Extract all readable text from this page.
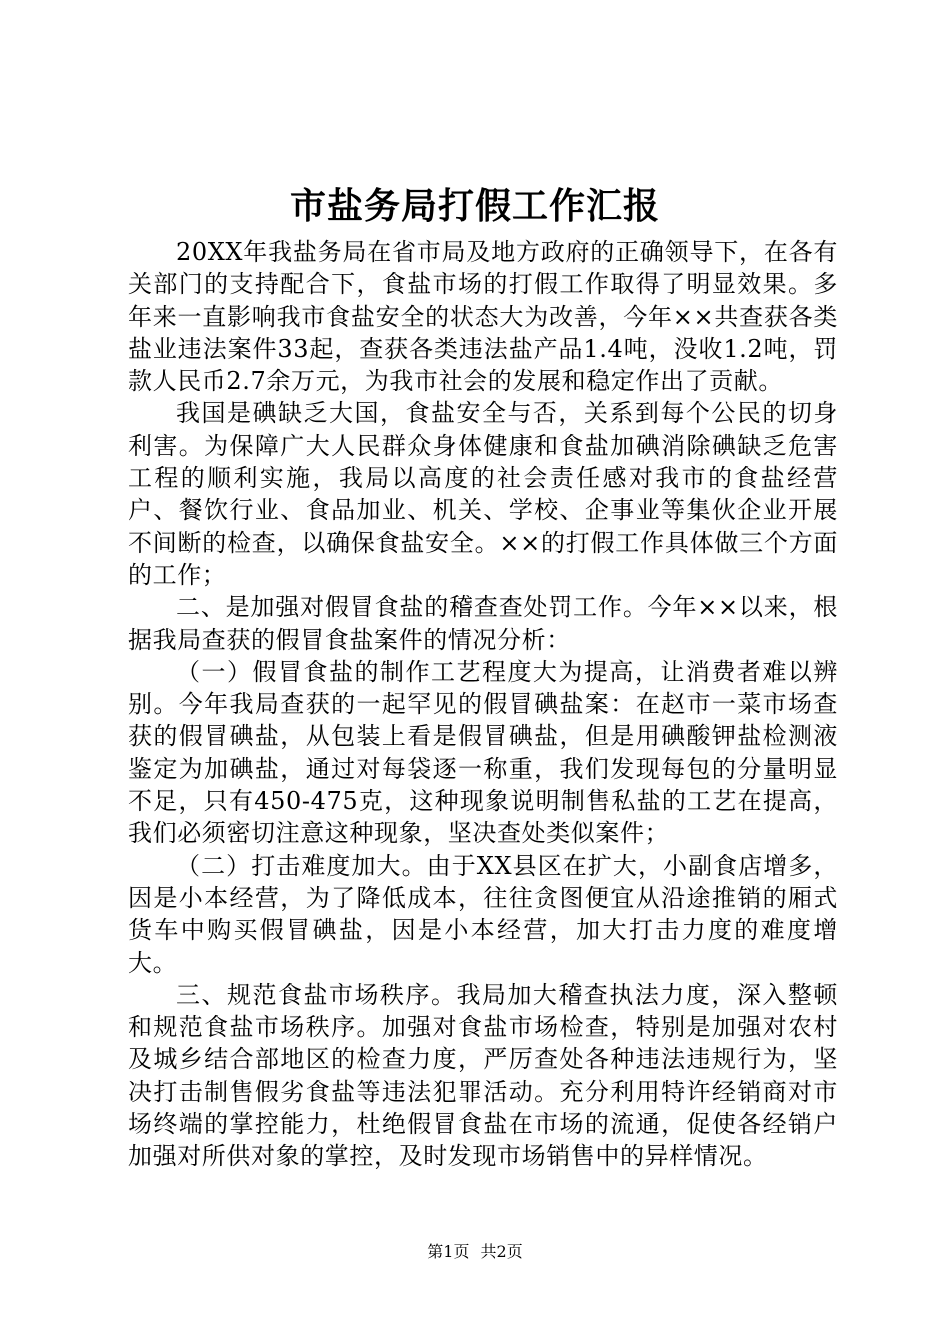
市盐务局打假工作汇报

20XX年我盐务局在省市局及地方政府的正确领导下，在各有关部门的支持配合下，食盐市场的打假工作取得了明显效果。多年来一直影响我市食盐安全的状态大为改善，今年××共查获各类盐业违法案件33起，查获各类违法盐产品1.4吨，没收1.2吨，罚款人民币2.7余万元，为我市社会的发展和稳定作出了贡献。

我国是碘缺乏大国，食盐安全与否，关系到每个公民的切身利害。为保障广大人民群众身体健康和食盐加碘消除碘缺乏危害工程的顺利实施，我局以高度的社会责任感对我市的食盐经营户、餐饮行业、食品加业、机关、学校、企事业等集伙企业开展不间断的检查，以确保食盐安全。××的打假工作具体做三个方面的工作；

二、是加强对假冒食盐的稽查查处罚工作。今年××以来，根据我局查获的假冒食盐案件的情况分析：

（一）假冒食盐的制作工艺程度大为提高，让消费者难以辨别。今年我局查获的一起罕见的假冒碘盐案：在赵市一菜市场查获的假冒碘盐，从包装上看是假冒碘盐，但是用碘酸钾盐检测液鉴定为加碘盐，通过对每袋逐一称重，我们发现每包的分量明显不足，只有450-475克，这种现象说明制售私盐的工艺在提高，我们必须密切注意这种现象，坚决查处类似案件；

（二）打击难度加大。由于XX县区在扩大，小副食店增多，因是小本经营，为了降低成本，往往贪图便宜从沿途推销的厢式货车中购买假冒碘盐，因是小本经营，加大打击力度的难度增大。

三、规范食盐市场秩序。我局加大稽查执法力度，深入整顿和规范食盐市场秩序。加强对食盐市场检查，特别是加强对农村及城乡结合部地区的检查力度，严厉查处各种违法违规行为，坚决打击制售假劣食盐等违法犯罪活动。充分利用特许经销商对市场终端的掌控能力，杜绝假冒食盐在市场的流通，促使各经销户加强对所供对象的掌控，及时发现市场销售中的异样情况。

第1页 共2页
